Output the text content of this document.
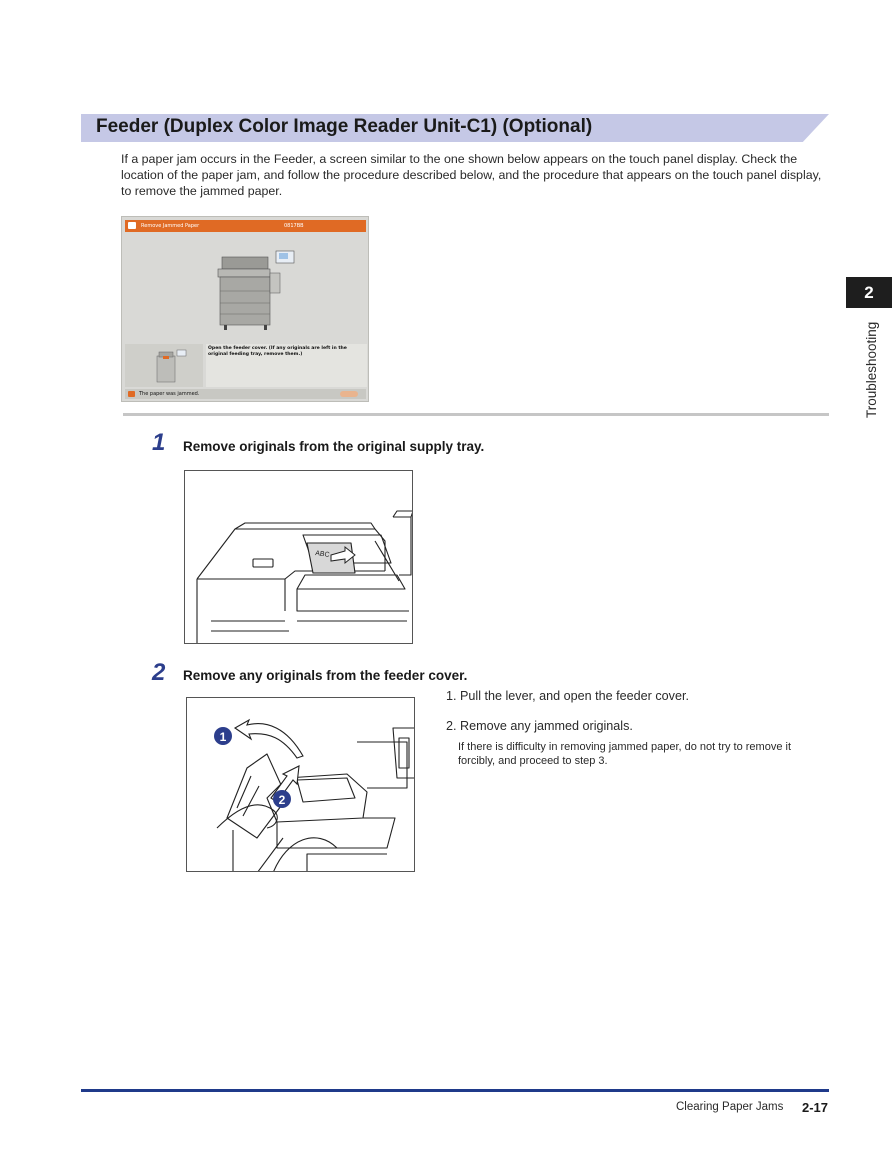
Feeder (Duplex Color Image Reader Unit-C1) (Optional)

If a paper jam occurs in the Feeder, a screen similar to the one shown below appears on the touch panel display. Check the location of the paper jam, and follow the procedure described below, and the procedure that appears on the touch panel display, to remove the jammed paper.

Remove Jammed Paper	0817BB

Open the feeder cover. (If any originals are left in the original feeding tray, remove them.)

The paper was jammed.

1 Remove originals from the original supply tray.

ABC

2 Remove any originals from the feeder cover.

1. Pull the lever, and open the feeder cover.

2. Remove any jammed originals.

If there is difficulty in removing jammed paper, do not try to remove it forcibly, and proceed to step 3.

1
2
2
Troubleshooting
Clearing Paper Jams 2-17
